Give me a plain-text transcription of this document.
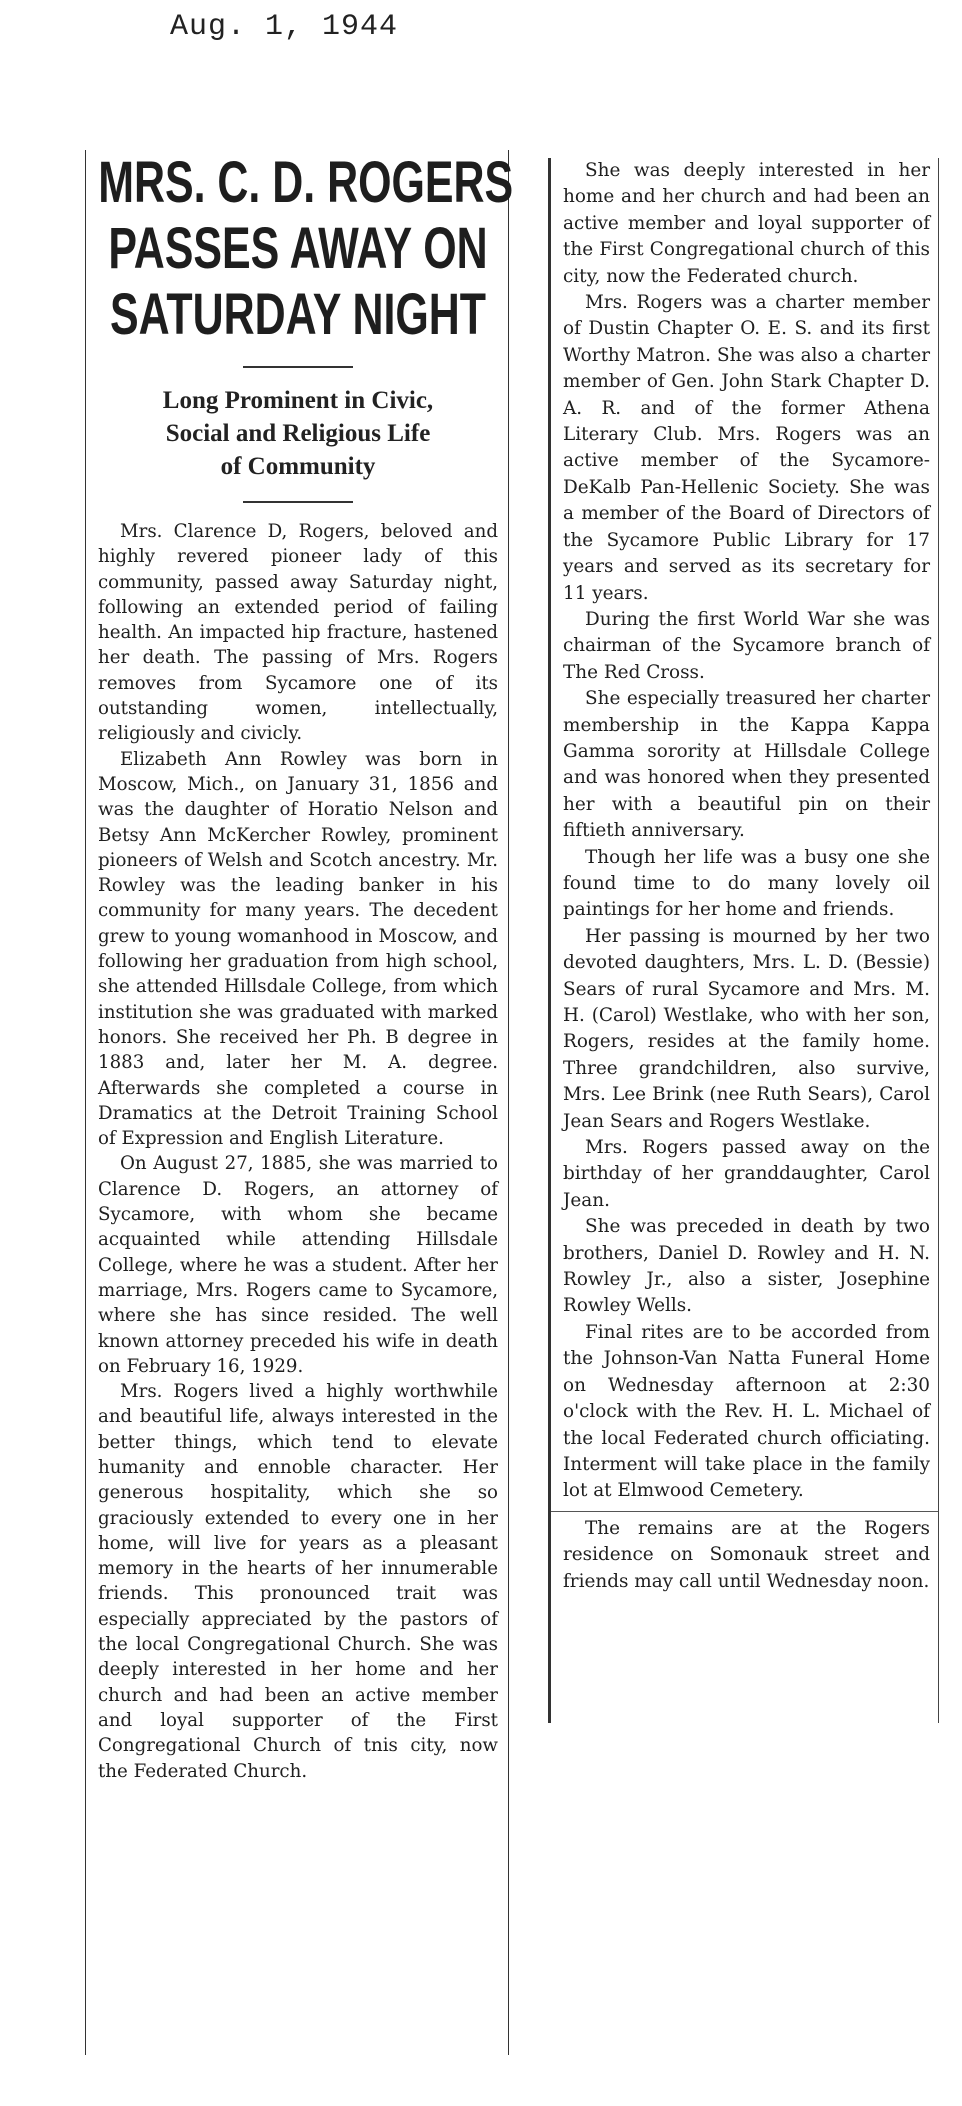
Aug. 1, 1944
MRS. C. D. ROGERS
PASSES AWAY ON
SATURDAY NIGHT
Long Prominent in Civic,
Social and Religious Life
of Community

Mrs. Clarence D, Rogers, beloved and highly revered pioneer lady of this community, passed away Saturday night, following an extended period of failing health. An impacted hip fracture, hastened her death. The passing of Mrs. Rogers removes from Sycamore one of its outstanding women, intellectually, religiously and civicly.

Elizabeth Ann Rowley was born in Moscow, Mich., on January 31, 1856 and was the daughter of Horatio Nelson and Betsy Ann McKercher Rowley, prominent pioneers of Welsh and Scotch ancestry. Mr. Rowley was the leading banker in his community for many years. The decedent grew to young womanhood in Moscow, and following her graduation from high school, she attended Hillsdale College, from which institution she was graduated with marked honors. She received her Ph. B degree in 1883 and, later her M. A. degree. Afterwards she completed a course in Dramatics at the Detroit Training School of Expression and English Literature.

On August 27, 1885, she was married to Clarence D. Rogers, an attorney of Sycamore, with whom she became acquainted while attending Hillsdale College, where he was a student. After her marriage, Mrs. Rogers came to Sycamore, where she has since resided. The well known attorney preceded his wife in death on February 16, 1929.

Mrs. Rogers lived a highly worthwhile and beautiful life, always interested in the better things, which tend to elevate humanity and ennoble character. Her generous hospitality, which she so graciously extended to every one in her home, will live for years as a pleasant memory in the hearts of her innumerable friends. This pronounced trait was especially appreciated by the pastors of the local Congregational Church. She was deeply interested in her home and her church and had been an active member and loyal supporter of the First Congregational Church of tnis city, now the Federated Church.

She was deeply interested in her home and her church and had been an active member and loyal supporter of the First Congregational church of this city, now the Federated church.

Mrs. Rogers was a charter member of Dustin Chapter O. E. S. and its first Worthy Matron. She was also a charter member of Gen. John Stark Chapter D. A. R. and of the former Athena Literary Club. Mrs. Rogers was an active member of the Sycamore-DeKalb Pan-Hellenic Society. She was a member of the Board of Directors of the Sycamore Public Library for 17 years and served as its secretary for 11 years.

During the first World War she was chairman of the Sycamore branch of The Red Cross.

She especially treasured her charter membership in the Kappa Kappa Gamma sorority at Hillsdale College and was honored when they presented her with a beautiful pin on their fiftieth anniversary.

Though her life was a busy one she found time to do many lovely oil paintings for her home and friends.

Her passing is mourned by her two devoted daughters, Mrs. L. D. (Bessie) Sears of rural Sycamore and Mrs. M. H. (Carol) Westlake, who with her son, Rogers, resides at the family home. Three grandchildren, also survive, Mrs. Lee Brink (nee Ruth Sears), Carol Jean Sears and Rogers Westlake.

Mrs. Rogers passed away on the birthday of her granddaughter, Carol Jean.

She was preceded in death by two brothers, Daniel D. Rowley and H. N. Rowley Jr., also a sister, Josephine Rowley Wells.

Final rites are to be accorded from the Johnson-Van Natta Funeral Home on Wednesday afternoon at 2:30 o'clock with the Rev. H. L. Michael of the local Federated church officiating. Interment will take place in the family lot at Elmwood Cemetery.

The remains are at the Rogers residence on Somonauk street and friends may call until Wednesday noon.
